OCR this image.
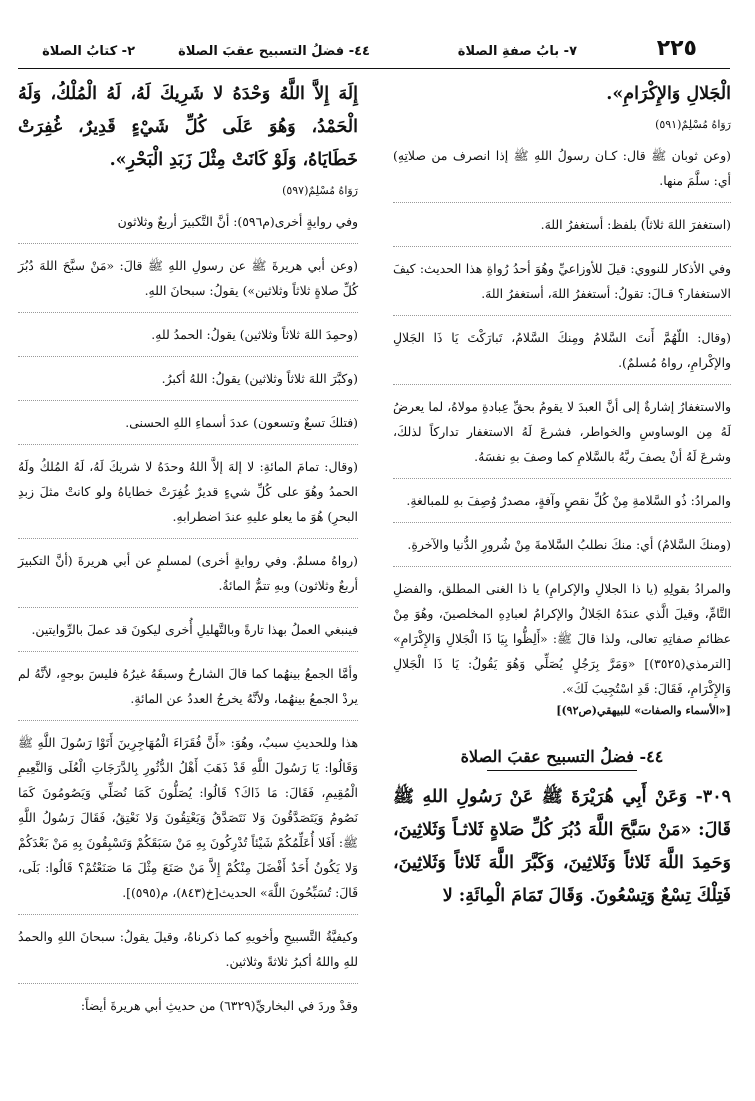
٢٢٥
٧- بابُ صفةِ الصلاة
٤٤- فضلُ التسبيح عقبَ الصلاة
٢- كتابُ الصلاة

الْجَلالِ وَالإِكْرَامِ».

رَوَاهُ مُسْلِمٌ(٥٩١)

(وعن ثوبان ﷺ قال: كـان رسولُ اللهِ ﷺ إذا انصرف من صلاتِهِ) أي: سلَّمَ منها.

(استغفرَ اللهَ ثلاثاً) بلفظ: أستغفرُ اللهَ.

وفي الأذكار للنووي: قيلَ للأوزاعيِّ وهُوَ أحدُ رُواةِ هذا الحديث: كيفَ الاستغفار؟ قـالَ: تقولُ: أستغفرُ اللهَ، أستغفرُ اللهَ.

(وقال: اللّهُمَّ أَنتَ السَّلامُ ومِنكَ السَّلامُ، تَبارَكْتَ يَا ذَا الجَلالِ والإكْرامِ، رواهُ مُسلمٌ).

والاستغفارُ إشارةٌ إلى أنَّ العبدَ لا يقومُ بحقِّ عِبادةِ مولاهُ، لما يعرضُ لَهُ مِن الوساوسِ والخواطر، فشرعَ لَهُ الاستغفار تداركاً لذلكَ، وشرعَ لَهُ أنْ يصفَ ربَّهُ بالسَّلامِ كما وصفَ بهِ نفسَهُ.

والمرادُ: ذُو السَّلامةِ مِنْ كُلِّ نقصٍ وآفةٍ، مصدرٌ وُصِفَ بهِ للمبالغةِ.

(ومنكَ السَّلامُ) أي: منكَ نطلبُ السَّلامةَ مِنْ شُرورِ الدُّنيا والآخرةِ.

والمرادُ بقولِهِ (يا ذا الجلالِ والإكرامِ) يا ذا الغنى المطلق، والفضلِ التَّامِّ، وقيلَ الَّذي عندَهُ الجَلالُ والإكرامُ لعبادِهِ المخلصينَ، وهُوَ مِنْ عظائمِ صفاتِهِ تعالى، ولذا قالَ ﷺ: «أَلِظُّوا بِيَا ذَا الْجَلالِ وَالإِكْرَامِ» [الترمذي(٣٥٢٥)] «وَمَرَّ بِرَجُلٍ يُصَلِّي وَهُوَ يَقُولُ: يَا ذَا الْجَلالِ وَالإِكْرَامِ، فَقَالَ: قَدِ اسْتُجِيبَ لَكَ».

[«الأسماء والصفات» للبيهقي(ص٩٢)]

٤٤- فضلُ التسبيح عقبَ الصلاة

٣٠٩- وَعَنْ أَبِي هُرَيْرَةَ ﷺ عَنْ رَسُولِ اللهِ ﷺ قَالَ: «مَنْ سَبَّحَ اللَّهَ دُبُرَ كُلِّ صَلاةٍ ثَلاثـاً وَثَلاثِينَ، وَحَمِدَ اللَّهَ ثَلاثاً وَثَلاثِينَ، وَكَبَّرَ اللَّهَ ثَلاثاً وَثَلاثِينَ، فَتِلْكَ تِسْعٌ وَتِسْعُونَ. وَقَالَ تَمَامَ الْمِائَةِ: لا

إِلَهَ إِلاَّ اللَّهُ وَحْدَهُ لا شَرِيكَ لَهُ، لَهُ الْمُلْكُ، وَلَهُ الْحَمْدُ، وَهُوَ عَلَى كُلِّ شَيْءٍ قَدِيرٌ، غُفِرَتْ خَطَايَاهُ، وَلَوْ كَانَتْ مِثْلَ زَبَدِ الْبَحْرِ».

رَوَاهُ مُسْلِمٌ(٥٩٧)

وفي روايةٍ أخرى(م٥٩٦): أنَّ التَّكبيرَ أربعٌ وثلاثون

(وعن أبي هريرةَ ﷺ عن رسولِ اللهِ ﷺ قالَ: «مَنْ سبَّحَ اللهَ دُبُرَ كُلِّ صلاةٍ ثلاثاً وثلاثين») يقولُ: سبحانَ اللهِ.

(وحمِدَ اللهَ ثلاثاً وثلاثين) يقولُ: الحمدُ للهِ.

(وكبَّرَ اللهَ ثلاثاً وثلاثين) يقولُ: اللهُ أكبرُ.

(فتلكَ تسعٌ وتسعون) عددَ أسماءِ اللهِ الحسنى.

(وقال: تمامَ المائةِ: لا إلهَ إلاَّ اللهُ وحدَهُ لا شريكَ لَهُ، لَهُ المُلكُ ولَهُ الحمدُ وهُوَ على كُلِّ شيءٍ قديرٌ غُفِرَتْ خطاياهُ ولو كانتْ مثلَ زبدِ البحرِ) هُوَ ما يعلو عليهِ عندَ اضطرابهِ.

(رواهُ مسلمٌ. وفي روايةٍ أخرى) لمسلمٍ عن أبي هريرةَ (أنَّ التكبيرَ أربعٌ وثلاثون) وبهِ تتمُّ المائةُ.

فينبغي العملُ بهذا تارةً وبالتَّهليلِ أُخرى ليكونَ قد عملَ بالرِّوايتين.

وأمَّا الجمعُ بينهُما كما قالَ الشارحُ وسبقَهُ غيرُهُ فليسَ بوجهٍ، لأنَّهُ لم يردْ الجمعُ بينهُما، ولأنَّهُ يخرجُ العددُ عن المائةِ.

هذا وللحديثِ سببٌ، وهُوَ: «أَنَّ فُقَرَاءَ الْمُهَاجِرِينَ أَتَوْا رَسُولَ اللَّهِ ﷺ وَقَالُوا: يَا رَسُولَ اللَّهِ قَدْ ذَهَبَ أَهْلُ الدُّثُورِ بِالدَّرَجَاتِ الْعُلَى وَالنَّعِيمِ الْمُقِيمِ، فَقَالَ: مَا ذَاكَ؟ قَالُوا: يُصَلُّونَ كَمَا نُصَلِّي وَيَصُومُونَ كَمَا نَصُومُ وَيَتَصَدَّقُونَ وَلا نَتَصَدَّقُ وَيَعْتِقُونَ وَلا نَعْتِقُ، فَقَالَ رَسُولُ اللَّهِ ﷺ: أَفَلا أُعَلِّمُكُمْ شَيْئاً تُدْرِكُونَ بِهِ مَنْ سَبَقَكُمْ وَتَسْبِقُونَ بِهِ مَنْ بَعْدَكُمْ وَلا يَكُونُ أَحَدٌ أَفْضَلَ مِنْكُمْ إِلاَّ مَنْ صَنَعَ مِثْلَ مَا صَنَعْتُمْ؟ قَالُوا: بَلَى، قَالَ: تُسَبِّحُونَ اللَّهَ» الحديث[خ(٨٤٣)، م(٥٩٥)].

وكيفيَّةُ التَّسبيحِ وأخويهِ كما ذكرناهُ، وقيلَ يقولُ: سبحانَ اللهِ والحمدُ للهِ واللهُ أكبرُ ثلاثةً وثلاثين.

وقدْ وردَ في البخاريِّ(٦٣٢٩) من حديثِ أبي هريرةَ أيضاً:
